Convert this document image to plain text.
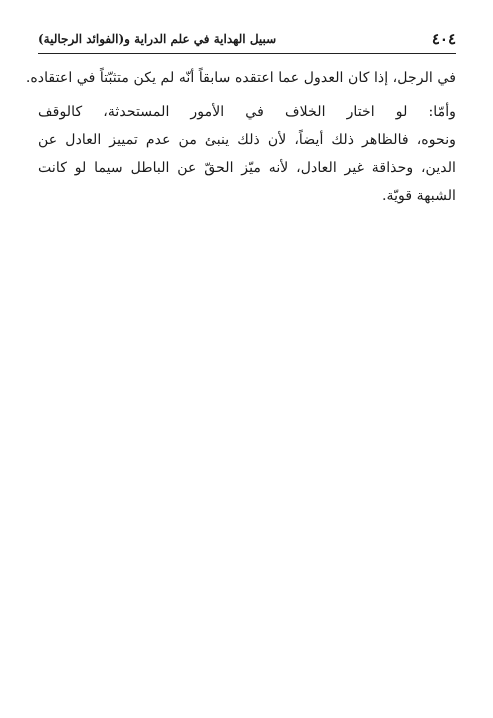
٤٠٤
سبيل الهداية في علم الدراية و(الفوائد الرجالية)
في الرجل، إذا كان العدول عما اعتقده سابقاً أنّه لم يكن متثبّتاً في اعتقاده.
وأمّا: لو اختار الخلاف في الأمور المستحدثة، كالوقف
ونحوه، فالظاهر ذلك أيضاً، لأن ذلك ينبئ من عدم تمييز العادل عن
الدين، وحذاقة غير العادل، لأنه ميّز الحقّ عن الباطل سيما لو كانت
الشبهة قويّة.
